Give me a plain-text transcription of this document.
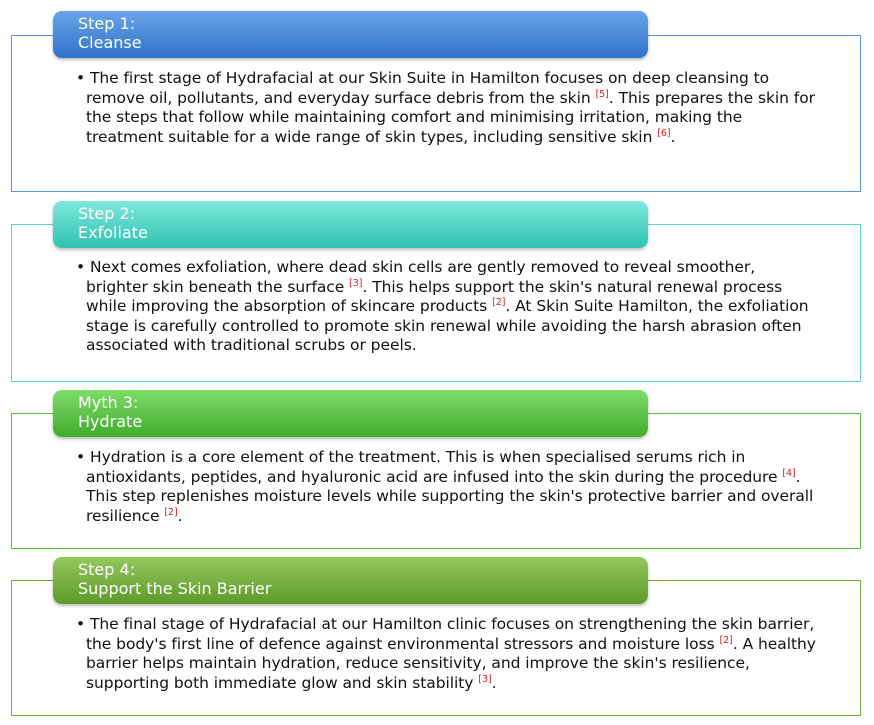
Step 1:
Cleanse

• The first stage of Hydrafacial at our Skin Suite in Hamilton focuses on deep cleansing to remove oil, pollutants, and everyday surface debris from the skin [5]. This prepares the skin for the steps that follow while maintaining comfort and minimising irritation, making the treatment suitable for a wide range of skin types, including sensitive skin [6].

Step 2:
Exfoliate

• Next comes exfoliation, where dead skin cells are gently removed to reveal smoother, brighter skin beneath the surface [3]. This helps support the skin's natural renewal process while improving the absorption of skincare products [2]. At Skin Suite Hamilton, the exfoliation stage is carefully controlled to promote skin renewal while avoiding the harsh abrasion often associated with traditional scrubs or peels.

Myth 3:
Hydrate

• Hydration is a core element of the treatment. This is when specialised serums rich in antioxidants, peptides, and hyaluronic acid are infused into the skin during the procedure [4]. This step replenishes moisture levels while supporting the skin's protective barrier and overall resilience [2].

Step 4:
Support the Skin Barrier

• The final stage of Hydrafacial at our Hamilton clinic focuses on strengthening the skin barrier, the body's first line of defence against environmental stressors and moisture loss [2]. A healthy barrier helps maintain hydration, reduce sensitivity, and improve the skin's resilience, supporting both immediate glow and skin stability [3].
